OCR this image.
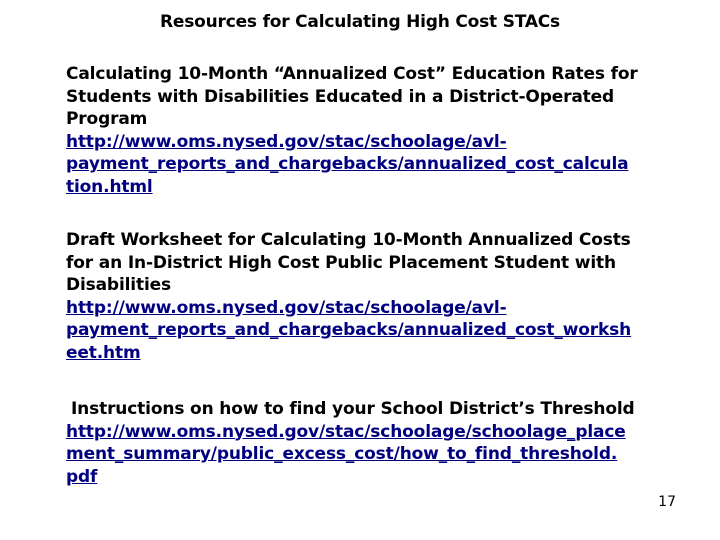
Resources for Calculating High Cost STACs
Calculating 10-Month “Annualized Cost” Education Rates for
Students with Disabilities Educated in a District-Operated
Program
http://www.oms.nysed.gov/stac/schoolage/avl-
payment_reports_and_chargebacks/annualized_cost_calcula
tion.html
Draft Worksheet for Calculating 10-Month Annualized Costs
for an In-District High Cost Public Placement Student with
Disabilities
http://www.oms.nysed.gov/stac/schoolage/avl-
payment_reports_and_chargebacks/annualized_cost_worksh
eet.htm
Instructions on how to find your School District’s Threshold
http://www.oms.nysed.gov/stac/schoolage/schoolage_place
ment_summary/public_excess_cost/how_to_find_threshold.
pdf
17
